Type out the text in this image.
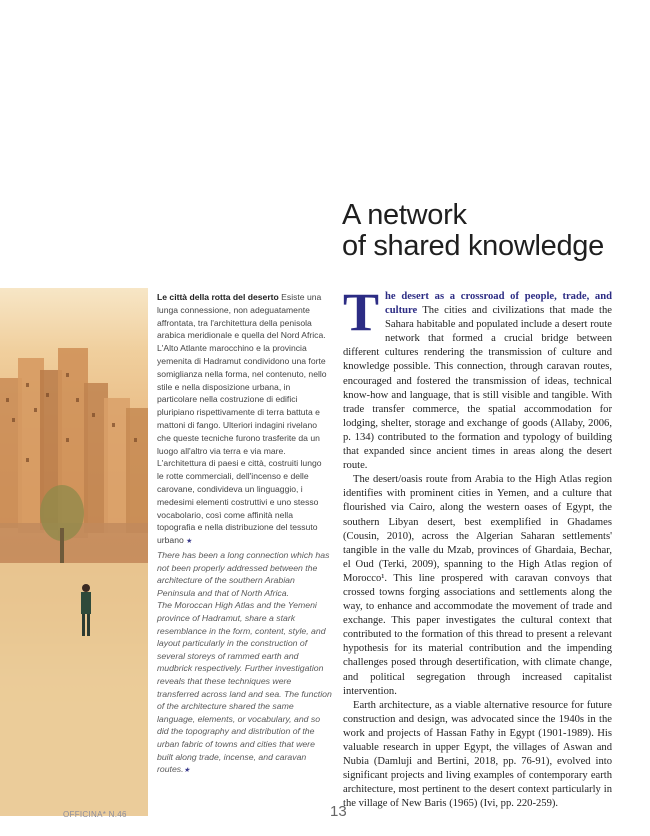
A network
of shared knowledge

Le città della rotta del deserto Esiste una lunga connessione, non adeguatamente affrontata, tra l'architettura della penisola arabica meridionale e quella del Nord Africa. L'Alto Atlante marocchino e la provincia yemenita di Hadramut condividono una forte somiglianza nella forma, nel contenuto, nello stile e nella disposizione urbana, in particolare nella costruzione di edifici pluripiano rispettivamente di terra battuta e mattoni di fango. Ulteriori indagini rivelano che queste tecniche furono trasferite da un luogo all'altro via terra e via mare. L'architettura di paesi e città, costruiti lungo le rotte commerciali, dell'incenso e delle carovane, condivideva un linguaggio, i medesimi elementi costruttivi e uno stesso vocabolario, così come affinità nella topografia e nella distribuzione del tessuto urbano ★

There has been a long connection which has not been properly addressed between the architecture of the southern Arabian Peninsula and that of North Africa.

The Moroccan High Atlas and the Yemeni province of Hadramut, share a stark resemblance in the form, content, style, and layout particularly in the construction of several storeys of rammed earth and mudbrick respectively. Further investigation reveals that these techniques were transferred across land and sea. The function of the architecture shared the same language, elements, or vocabulary, and so did the topography and distribution of the urban fabric of towns and cities that were built along trade, incense, and caravan routes.★

The desert as a crossroad of people, trade, and culture The cities and civilizations that made the Sahara habitable and populated include a desert route network that formed a crucial bridge between different cultures rendering the transmission of culture and knowledge possible. This connection, through caravan routes, encouraged and fostered the transmission of ideas, technical know-how and language, that is still visible and tangible. With trade transfer commerce, the spatial accommodation for lodging, shelter, storage and exchange of goods (Allaby, 2006, p. 134) contributed to the formation and typology of building that expanded since ancient times in areas along the desert route.

The desert/oasis route from Arabia to the High Atlas region identifies with prominent cities in Yemen, and a culture that flourished via Cairo, along the western oases of Egypt, the southern Libyan desert, best exemplified in Ghadames (Cousin, 2010), across the Algerian Saharan settlements' tangible in the valle du Mzab, provinces of Ghardaia, Bechar, el Oud (Terki, 2009), spanning to the High Atlas region of Morocco¹. This line prospered with caravan convoys that crossed towns forging associations and settlements along the way, to enhance and accommodate the movement of trade and exchange. This paper investigates the cultural context that contributed to the formation of this thread to present a relevant hypothesis for its material contribution and the impending challenges posed through desertification, with climate change, and political segregation through increased capitalist intervention.

Earth architecture, as a viable alternative resource for future construction and design, was advocated since the 1940s in the work and projects of Hassan Fathy in Egypt (1901-1989). His valuable research in upper Egypt, the villages of Aswan and Nubia (Damluji and Bertini, 2018, pp. 76-91), evolved into significant projects and living examples of contemporary earth architecture, most pertinent to the desert context particularly in the village of New Baris (1965) (Ivi, pp. 220-259).

OFFICINA* N.46	13
